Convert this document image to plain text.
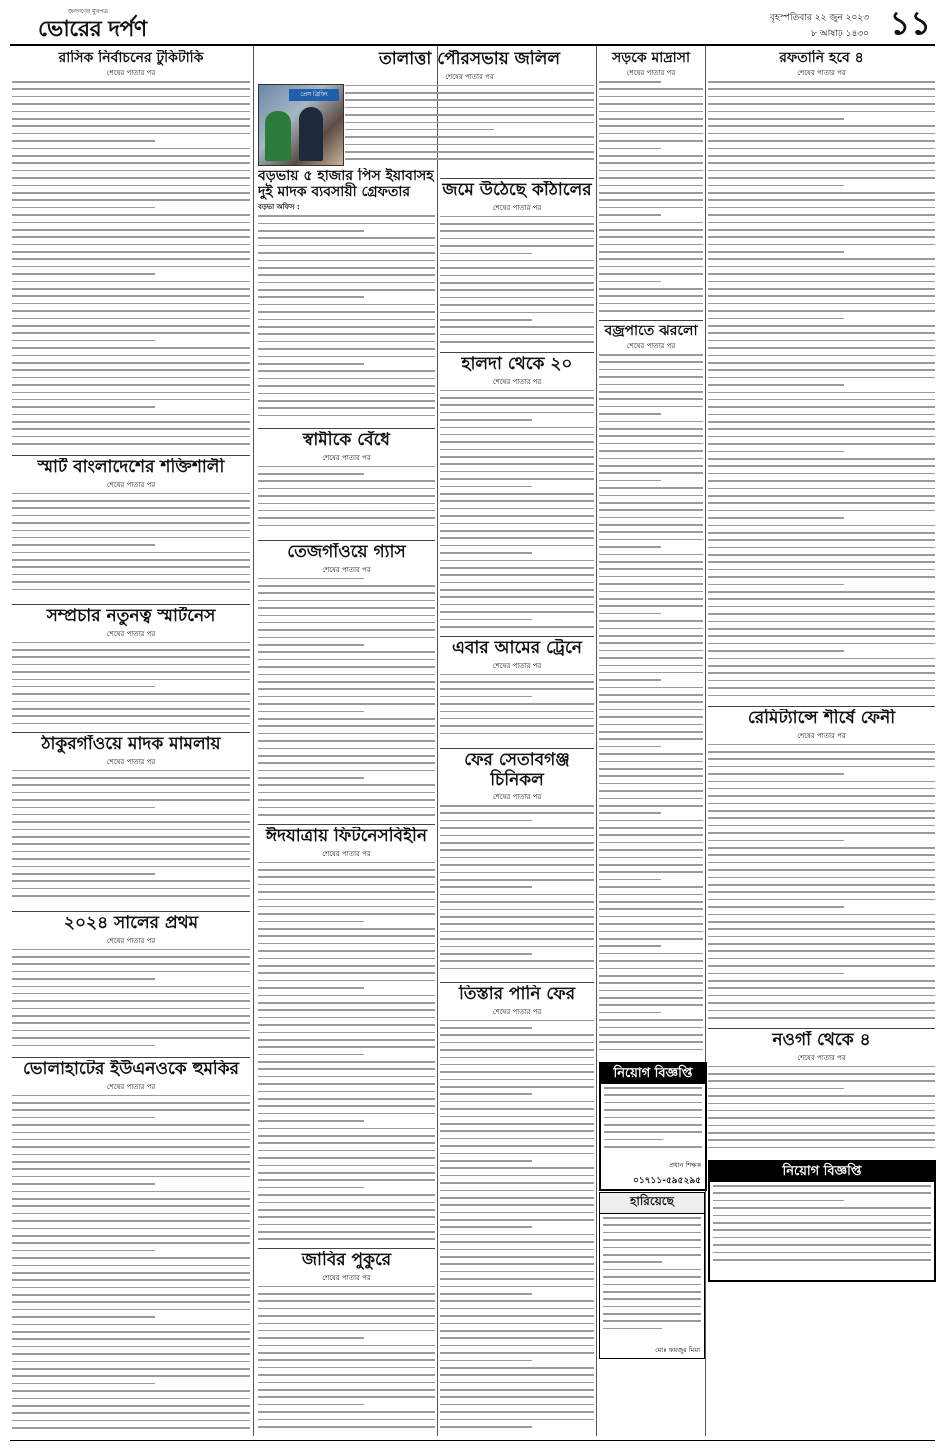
জনগণের মুখপত্র
ভোরের দর্পণ	বৃহস্পতিবার ২২ জুন ২০২৩
৮ আষাঢ় ১৪৩০ ১১

রাসিক নির্বাচনের টুকিটাকি

শেষের পাতার পর

স্মার্ট বাংলাদেশের শক্তিশালী

শেষের পাতার পর

সম্প্রচার নতুনত্ব স্মার্টনেস

শেষের পাতার পর

ঠাকুরগাঁওয়ে মাদক মামলায়

শেষের পাতার পর

২০২৪ সালের প্রথম

শেষের পাতার পর

ভোলাহাটের ইউএনওকে হুমকির

শেষের পাতার পর

প্রেস ব্রিফিং

বড়ভায় ৫ হাজার পিস ইয়াবাসহ দুই মাদক ব্যবসায়ী গ্রেফতার

বড়ভা অফিস :

স্বামীকে বেঁধে

শেষের পাতার পর

তেজগাঁওয়ে গ্যাস

শেষের পাতার পর

ঈদযাত্রায় ফিটনেসবিহীন

শেষের পাতার পর

জাবির পুকুরে

শেষের পাতার পর

তালাত্তা পৌরসভায় জলিল

শেষের পাতার পর

জমে উঠেছে কাঁঠালের

শেষের পাতার পর

হালদা থেকে ২০

শেষের পাতার পর

এবার আমের ট্রেনে

শেষের পাতার পর

ফের সেতাবগঞ্জ চিনিকল

শেষের পাতার পর

তিস্তার পানি ফের

শেষের পাতার পর

সড়কে মাদ্রাসা

শেষের পাতার পর

বজ্রপাতে ঝরলো

শেষের পাতার পর

নিয়োগ বিজ্ঞপ্তি
প্রধান শিক্ষক
০১৭১১-৫৯৫২৯৫
হারিয়েছে
মোঃ ফয়জুর মিয়া

রফতানি হবে ৪

শেষের পাতার পর

রেমিট্যান্সে শীর্ষে ফেনী

শেষের পাতার পর

নওগাঁ থেকে ৪

শেষের পাতার পর

নিয়োগ বিজ্ঞপ্তি
